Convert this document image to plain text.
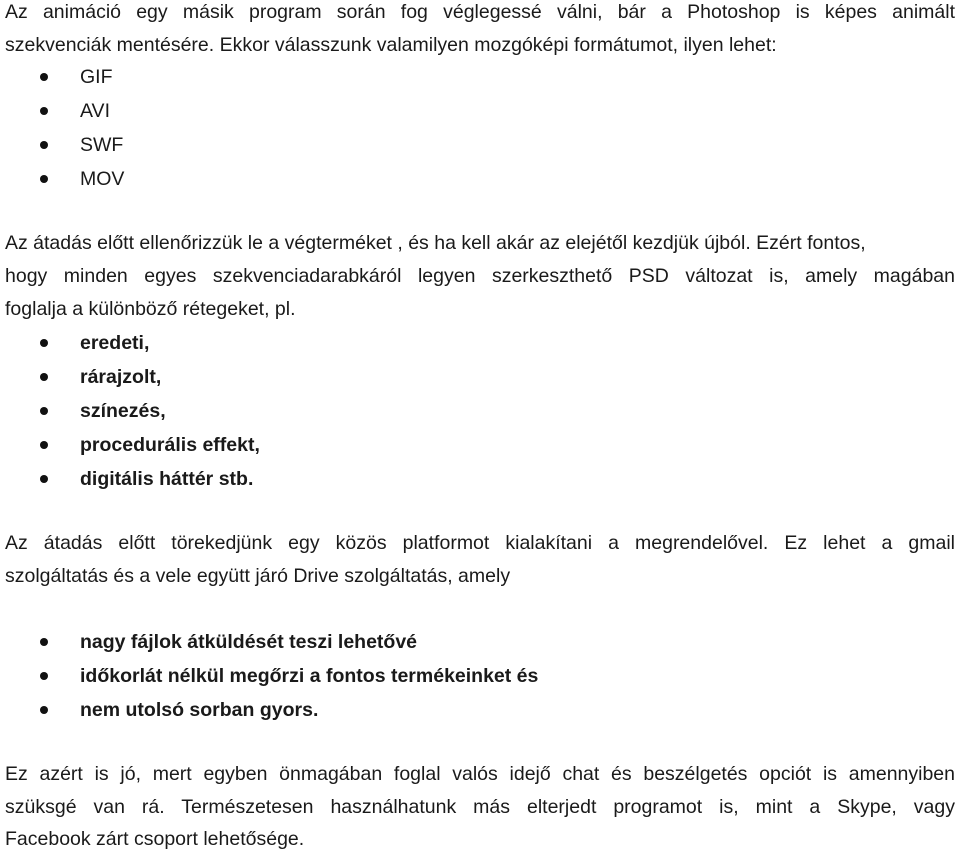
Az animáció egy másik program során fog véglegessé válni, bár a Photoshop is képes animált
szekvenciák mentésére. Ekkor válasszunk valamilyen mozgóképi formátumot, ilyen lehet:
GIF
AVI
SWF
MOV
Az átadás előtt ellenőrizzük le a végterméket , és ha kell akár az elejétől kezdjük újból. Ezért fontos,
hogy minden egyes szekvenciadarabkáról legyen szerkeszthető PSD változat is, amely magában
foglalja a különböző rétegeket, pl.
eredeti,
rárajzolt,
színezés,
procedurális effekt,
digitális háttér stb.
Az átadás előtt törekedjünk egy közös platformot kialakítani a megrendelővel. Ez lehet a gmail
szolgáltatás és a vele együtt járó Drive szolgáltatás, amely
nagy fájlok átküldését teszi lehetővé
időkorlát nélkül megőrzi a fontos termékeinket és
nem utolsó sorban gyors.
Ez azért is jó, mert egyben önmagában foglal valós idejő chat és beszélgetés opciót is amennyiben
szüksgé van rá. Természetesen használhatunk más elterjedt programot is, mint a Skype, vagy
Facebook zárt csoport lehetősége.
